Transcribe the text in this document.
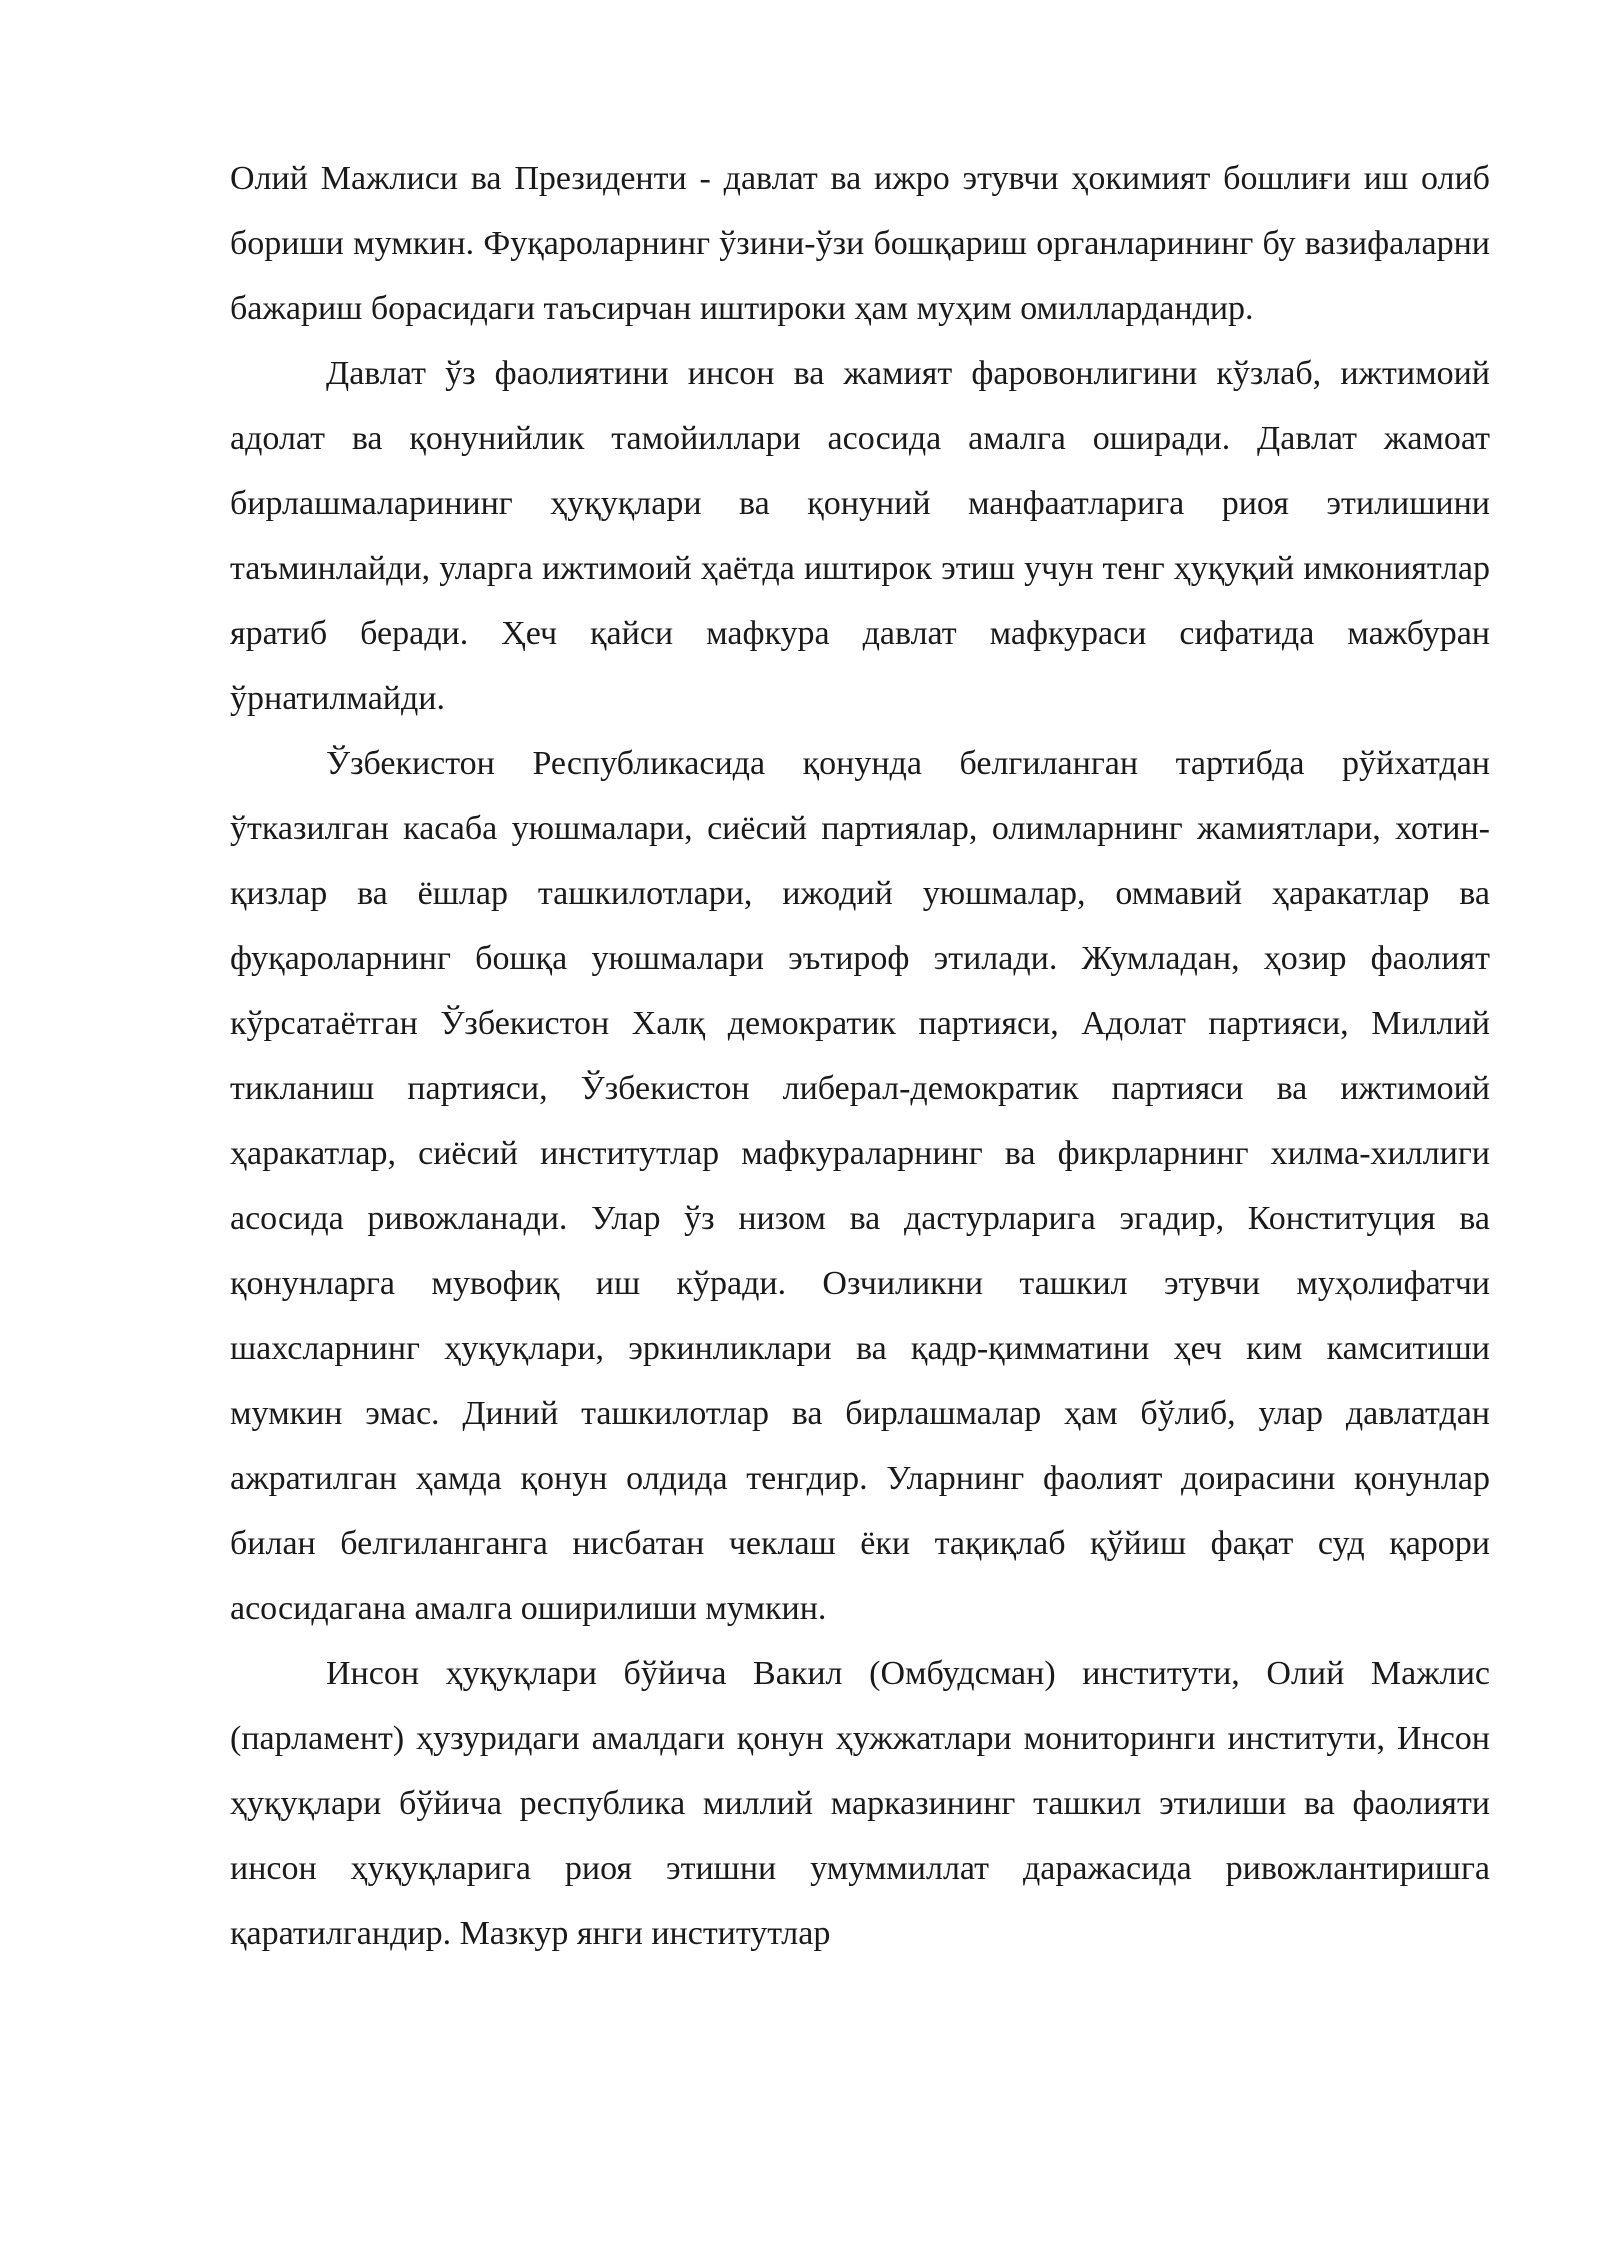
Олий Мажлиси ва Президенти - давлат ва ижро этувчи ҳокимият бошлиғи иш олиб бориши мумкин. Фуқароларнинг ўзини-ўзи бошқариш органларининг бу вазифаларни бажариш борасидаги таъсирчан иштироки ҳам муҳим омиллардандир.

Давлат ўз фаолиятини инсон ва жамият фаровонлигини кўзлаб, ижтимоий адолат ва қонунийлик тамойиллари асосида амалга оширади. Давлат жамоат бирлашмаларининг ҳуқуқлари ва қонуний манфаатларига риоя этилишини таъминлайди, уларга ижтимоий ҳаётда иштирок этиш учун тенг ҳуқуқий имкониятлар яратиб беради. Ҳеч қайси мафкура давлат мафкураси сифатида мажбуран ўрнатилмайди.

Ўзбекистон Республикасида қонунда белгиланган тартибда рўйхатдан ўтказилган касаба уюшмалари, сиёсий партиялар, олимларнинг жамиятлари, хотин-қизлар ва ёшлар ташкилотлари, ижодий уюшмалар, оммавий ҳаракатлар ва фуқароларнинг бошқа уюшмалари эътироф этилади. Жумладан, ҳозир фаолият кўрсатаётган Ўзбекистон Халқ демократик партияси, Адолат партияси, Миллий тикланиш партияси, Ўзбекистон либерал-демократик партияси ва ижтимоий ҳаракатлар, сиёсий институтлар мафкураларнинг ва фикрларнинг хилма-хиллиги асосида ривожланади. Улар ўз низом ва дастурларига эгадир, Конституция ва қонунларга мувофиқ иш кўради. Озчиликни ташкил этувчи муҳолифатчи шахсларнинг ҳуқуқлари, эркинликлари ва қадр-қимматини ҳеч ким камситиши мумкин эмас. Диний ташкилотлар ва бирлашмалар ҳам бўлиб, улар давлатдан ажратилган ҳамда қонун олдида тенгдир. Уларнинг фаолият доирасини қонунлар билан белгиланганга нисбатан чеклаш ёки тақиқлаб қўйиш фақат суд қарори асосидагана амалга оширилиши мумкин.

Инсон ҳуқуқлари бўйича Вакил (Омбудсман) институти, Олий Мажлис (парламент) ҳузуридаги амалдаги қонун ҳужжатлари мониторинги институти, Инсон ҳуқуқлари бўйича республика миллий марказининг ташкил этилиши ва фаолияти инсон ҳуқуқларига риоя этишни умуммиллат даражасида ривожлантиришга қаратилгандир. Мазкур янги институтлар
